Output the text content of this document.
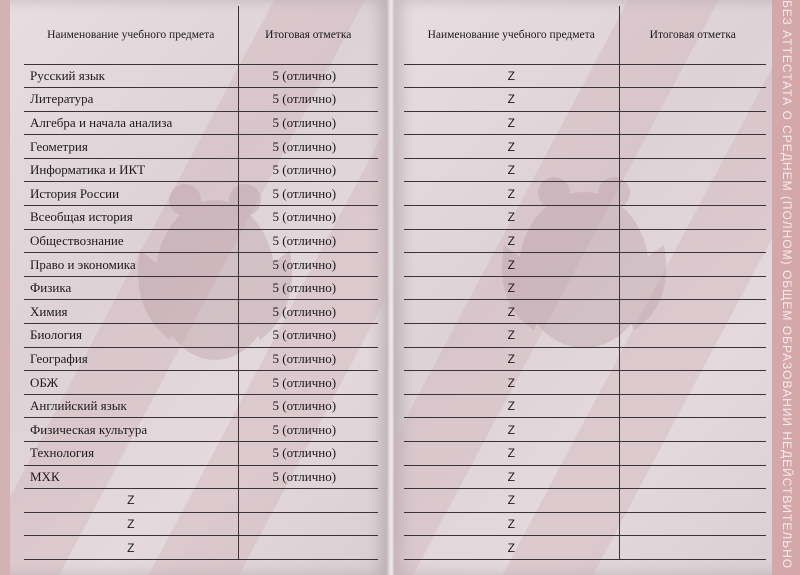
Наименование учебного предмета	Итоговая отметка
Русский язык	5 (отлично)
Литература	5 (отлично)
Алгебра и начала анализа	5 (отлично)
Геометрия	5 (отлично)
Информатика и ИКТ	5 (отлично)
История России	5 (отлично)
Всеобщая история	5 (отлично)
Обществознание	5 (отлично)
Право и экономика	5 (отлично)
Физика	5 (отлично)
Химия	5 (отлично)
Биология	5 (отлично)
География	5 (отлично)
ОБЖ	5 (отлично)
Английский язык	5 (отлично)
Физическая культура	5 (отлично)
Технология	5 (отлично)
МХК	5 (отлично)
Z	
Z	
Z	
Наименование учебного предмета	Итоговая отметка
Z	
Z	
Z	
Z	
Z	
Z	
Z	
Z	
Z	
Z	
Z	
Z	
Z	
Z	
Z	
Z	
Z	
Z	
Z	
Z	
Z		БЕЗ АТТЕСТАТА О СРЕДНЕМ (ПОЛНОМ) ОБЩЕМ ОБРАЗОВАНИИ НЕДЕЙСТВИТЕЛЬНО
